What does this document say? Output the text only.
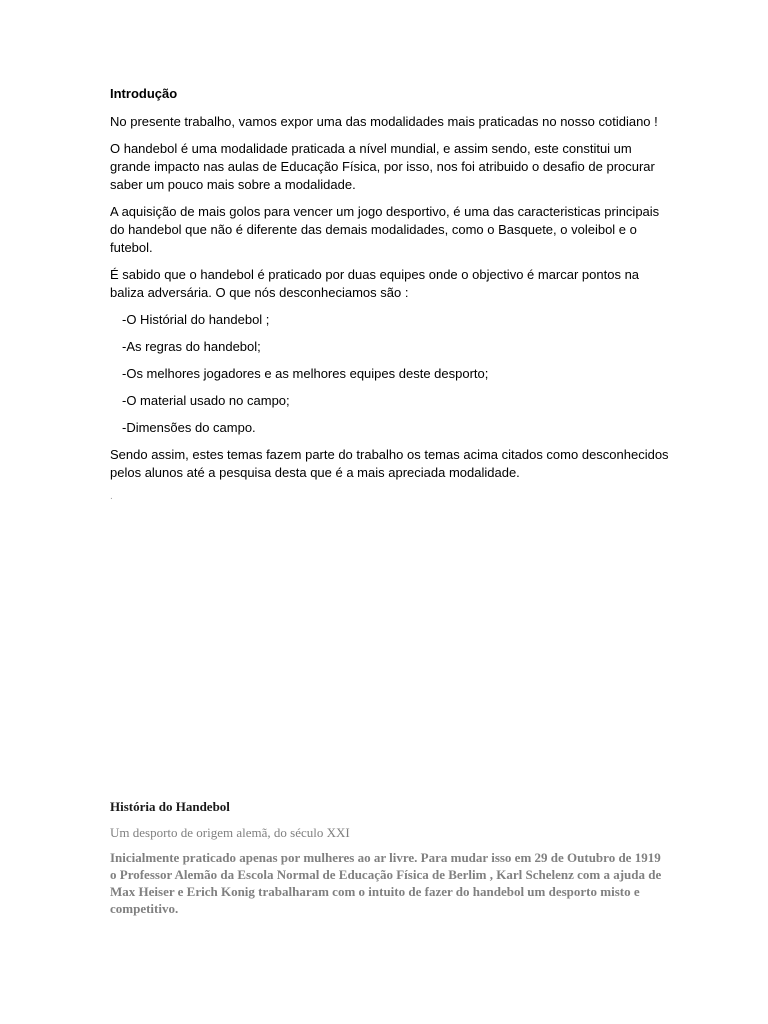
Introdução

No presente trabalho, vamos expor uma das modalidades mais praticadas no nosso cotidiano !

O handebol é uma modalidade praticada a nível mundial, e assim sendo, este constitui um grande impacto nas aulas de Educação Física, por isso, nos foi atribuido o desafio de procurar saber um pouco mais sobre a modalidade.

A aquisição de mais golos para vencer um jogo desportivo, é uma das caracteristicas principais do handebol que não é diferente das demais modalidades, como o Basquete, o voleibol e o futebol.

É sabido que o handebol é praticado por duas equipes onde o objectivo é marcar pontos na baliza adversária. O que nós desconheciamos são :

-O Histórial do handebol ;

-As regras do handebol;

-Os melhores jogadores e as melhores equipes deste desporto;

-O material usado no campo;

-Dimensões do campo.

Sendo assim, estes temas fazem parte do trabalho os temas acima citados como desconhecidos pelos alunos até a pesquisa desta que é a mais apreciada modalidade.

.

História do Handebol

Um desporto de origem alemã, do século XXI

Inicialmente praticado apenas por mulheres ao ar livre. Para mudar isso em 29 de Outubro de 1919 o Professor Alemão da Escola Normal de Educação Física de Berlim , Karl Schelenz com a ajuda de Max Heiser e Erich Konig trabalharam com o intuito de fazer do handebol um desporto misto e competitivo.
